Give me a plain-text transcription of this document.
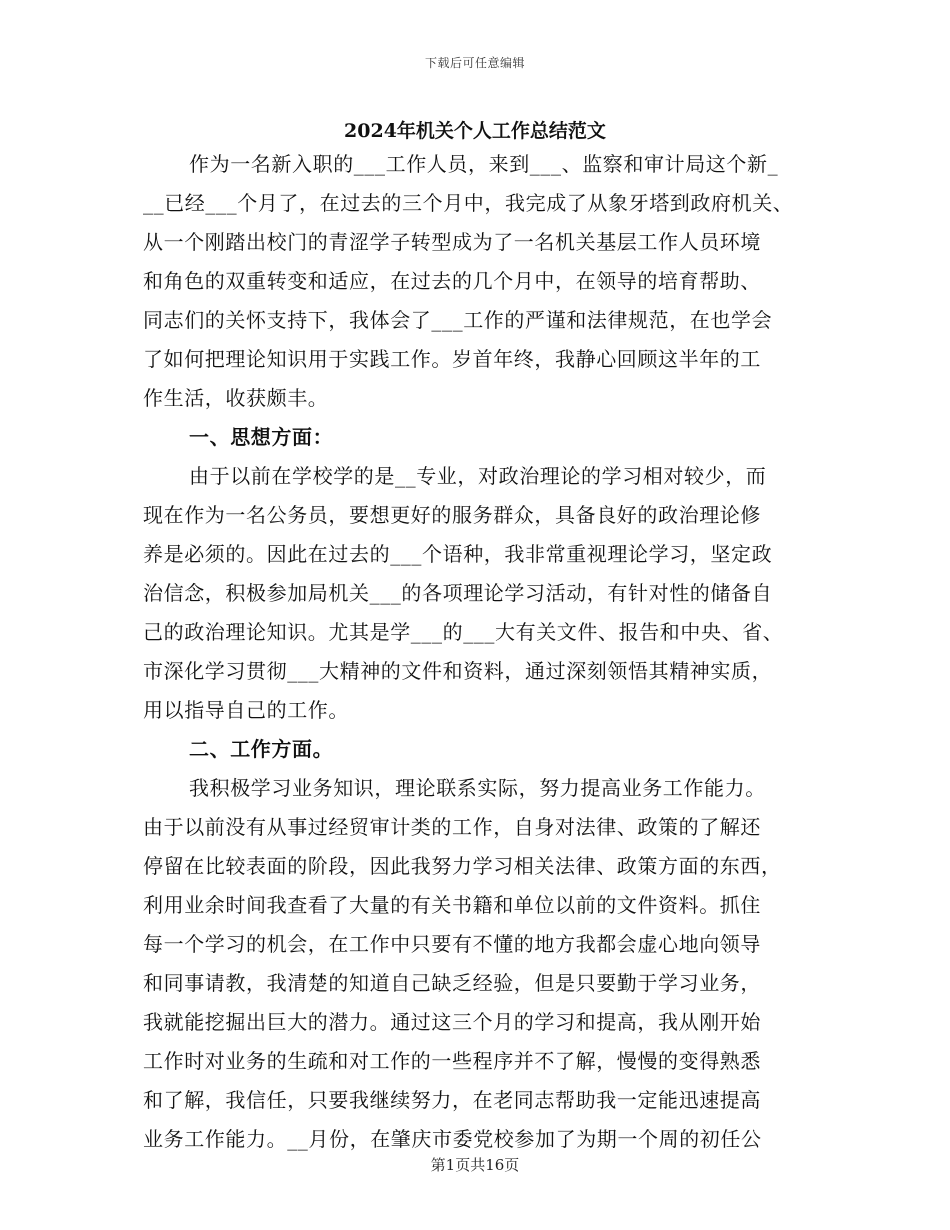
下载后可任意编辑
2024年机关个人工作总结范文
作为一名新入职的___工作人员，来到___、监察和审计局这个新_
__已经___个月了，在过去的三个月中，我完成了从象牙塔到政府机关、
从一个刚踏出校门的青涩学子转型成为了一名机关基层工作人员环境
和角色的双重转变和适应，在过去的几个月中，在领导的培育帮助、
同志们的关怀支持下，我体会了___工作的严谨和法律规范，在也学会
了如何把理论知识用于实践工作。岁首年终，我静心回顾这半年的工
作生活，收获颇丰。
一、思想方面：
由于以前在学校学的是__专业，对政治理论的学习相对较少，而
现在作为一名公务员，要想更好的服务群众，具备良好的政治理论修
养是必须的。因此在过去的___个语种，我非常重视理论学习，坚定政
治信念，积极参加局机关___的各项理论学习活动，有针对性的储备自
己的政治理论知识。尤其是学___的___大有关文件、报告和中央、省、
市深化学习贯彻___大精神的文件和资料，通过深刻领悟其精神实质，
用以指导自己的工作。
二、工作方面。
我积极学习业务知识，理论联系实际，努力提高业务工作能力。
由于以前没有从事过经贸审计类的工作，自身对法律、政策的了解还
停留在比较表面的阶段，因此我努力学习相关法律、政策方面的东西，
利用业余时间我查看了大量的有关书籍和单位以前的文件资料。抓住
每一个学习的机会，在工作中只要有不懂的地方我都会虚心地向领导
和同事请教，我清楚的知道自己缺乏经验，但是只要勤于学习业务，
我就能挖掘出巨大的潜力。通过这三个月的学习和提高，我从刚开始
工作时对业务的生疏和对工作的一些程序并不了解，慢慢的变得熟悉
和了解，我信任，只要我继续努力，在老同志帮助我一定能迅速提高
业务工作能力。__月份，在肇庆市委党校参加了为期一个周的初任公
第1页共16页
